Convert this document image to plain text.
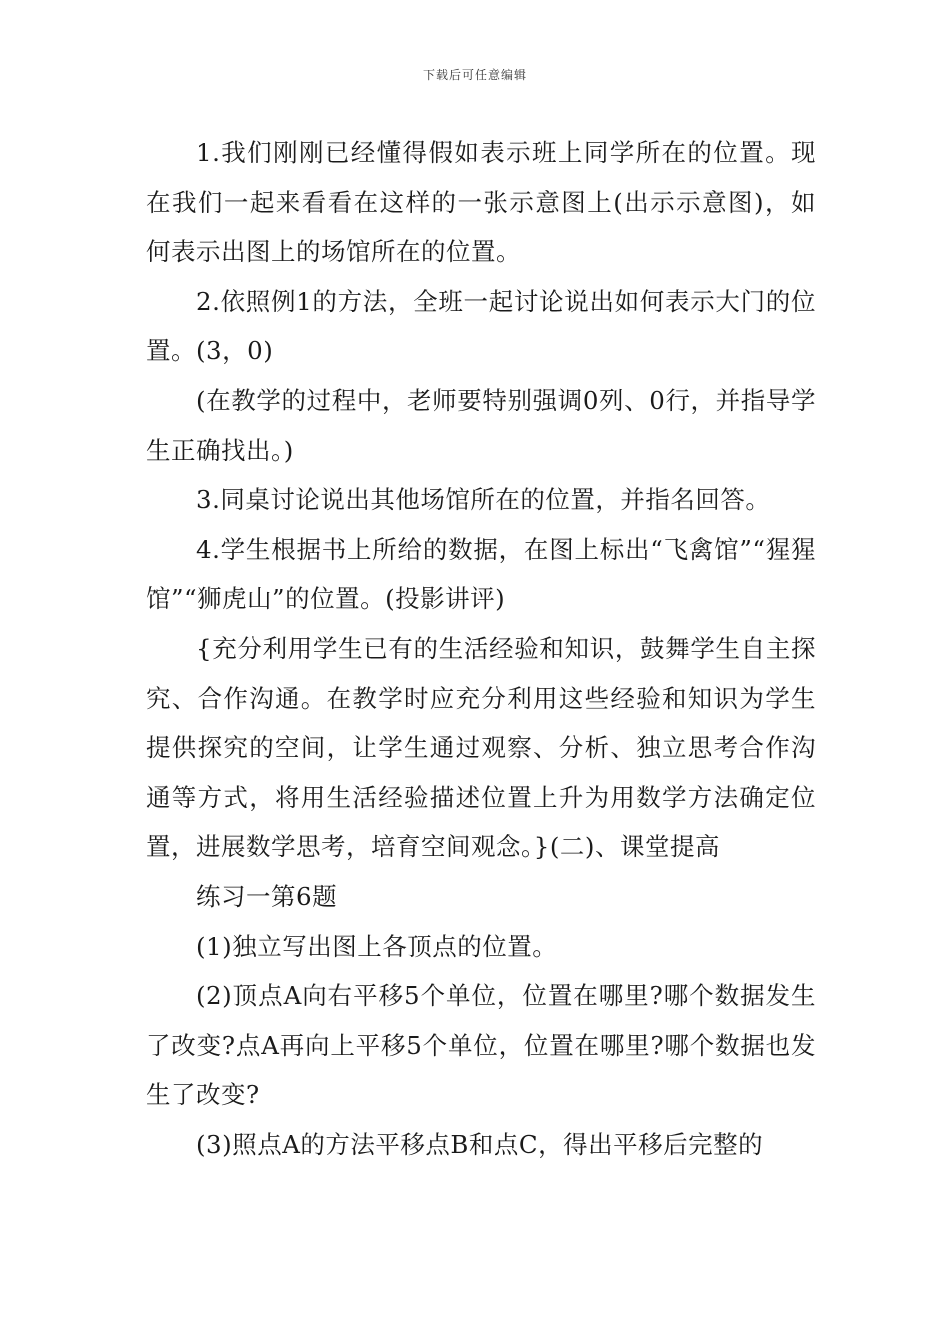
下载后可任意编辑

1.我们刚刚已经懂得假如表示班上同学所在的位置。现在我们一起来看看在这样的一张示意图上(出示示意图)，如何表示出图上的场馆所在的位置。

2.依照例1的方法，全班一起讨论说出如何表示大门的位置。(3，0)

(在教学的过程中，老师要特别强调0列、0行，并指导学生正确找出。)

3.同桌讨论说出其他场馆所在的位置，并指名回答。

4.学生根据书上所给的数据，在图上标出“飞禽馆”“猩猩馆”“狮虎山”的位置。(投影讲评)

{充分利用学生已有的生活经验和知识，鼓舞学生自主探究、合作沟通。在教学时应充分利用这些经验和知识为学生提供探究的空间，让学生通过观察、分析、独立思考合作沟通等方式，将用生活经验描述位置上升为用数学方法确定位置，进展数学思考，培育空间观念。}(二)、课堂提高

练习一第6题

(1)独立写出图上各顶点的位置。

(2)顶点A向右平移5个单位，位置在哪里?哪个数据发生了改变?点A再向上平移5个单位，位置在哪里?哪个数据也发生了改变?

(3)照点A的方法平移点B和点C，得出平移后完整的
